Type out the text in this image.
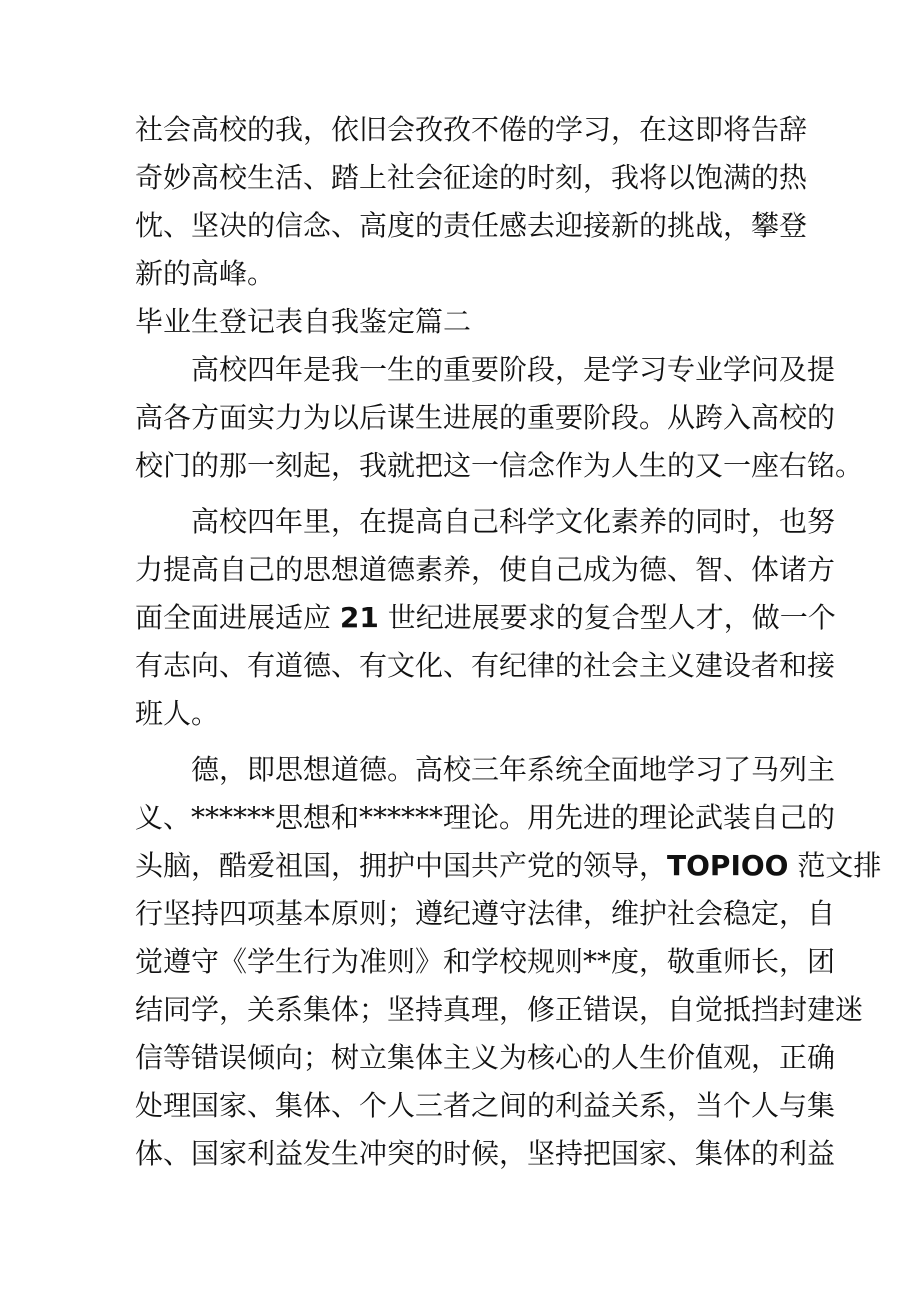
社会高校的我，依旧会孜孜不倦的学习，在这即将告辞
奇妙高校生活、踏上社会征途的时刻，我将以饱满的热
忱、坚决的信念、高度的责任感去迎接新的挑战，攀登
新的高峰。
毕业生登记表自我鉴定篇二
高校四年是我一生的重要阶段，是学习专业学问及提
高各方面实力为以后谋生进展的重要阶段。从跨入高校的
校门的那一刻起，我就把这一信念作为人生的又一座右铭。
高校四年里，在提高自己科学文化素养的同时，也努
力提高自己的思想道德素养，使自己成为德、智、体诸方
面全面进展适应 21 世纪进展要求的复合型人才，做一个
有志向、有道德、有文化、有纪律的社会主义建设者和接
班人。
德，即思想道德。高校三年系统全面地学习了马列主
义、******思想和******理论。用先进的理论武装自己的
头脑，酷爱祖国，拥护中国共产党的领导，TOPIOO 范文排
行坚持四项基本原则；遵纪遵守法律，维护社会稳定，自
觉遵守《学生行为准则》和学校规则**度，敬重师长，团
结同学，关系集体；坚持真理，修正错误，自觉抵挡封建迷
信等错误倾向；树立集体主义为核心的人生价值观，正确
处理国家、集体、个人三者之间的利益关系，当个人与集
体、国家利益发生冲突的时候，坚持把国家、集体的利益
